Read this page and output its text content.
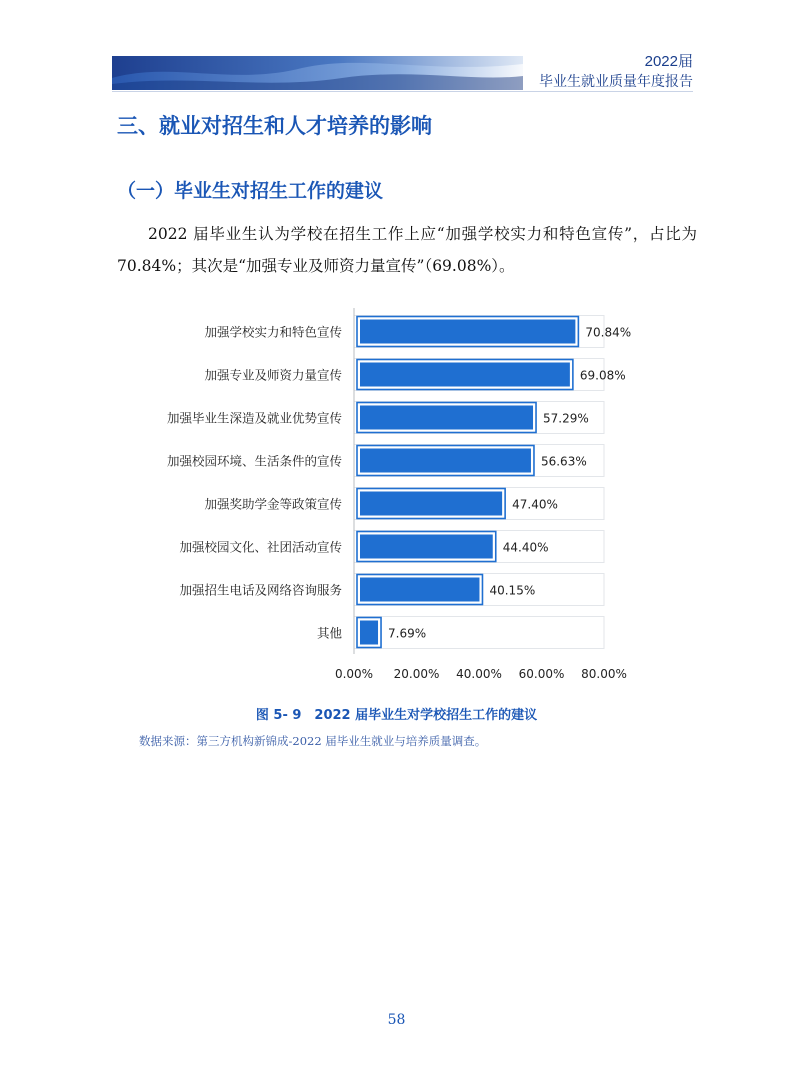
2022届
毕业生就业质量年度报告
三、就业对招生和人才培养的影响
（一）毕业生对招生工作的建议
2022 届毕业生认为学校在招生工作上应“加强学校实力和特色宣传”，占比为 70.84%；其次是“加强专业及师资力量宣传”（69.08%）。
加强学校实力和特色宣传	70.84%
加强专业及师资力量宣传	69.08%
加强毕业生深造及就业优势宣传	57.29%
加强校园环境、生活条件的宣传	56.63%
加强奖助学金等政策宣传	47.40%
加强校园文化、社团活动宣传	44.40%
加强招生电话及网络咨询服务	40.15%
其他	7.69%
0.00% 20.00% 40.00% 60.00% 80.00%
图 5- 9　2022 届毕业生对学校招生工作的建议
数据来源：第三方机构新锦成-2022 届毕业生就业与培养质量调查。
58
